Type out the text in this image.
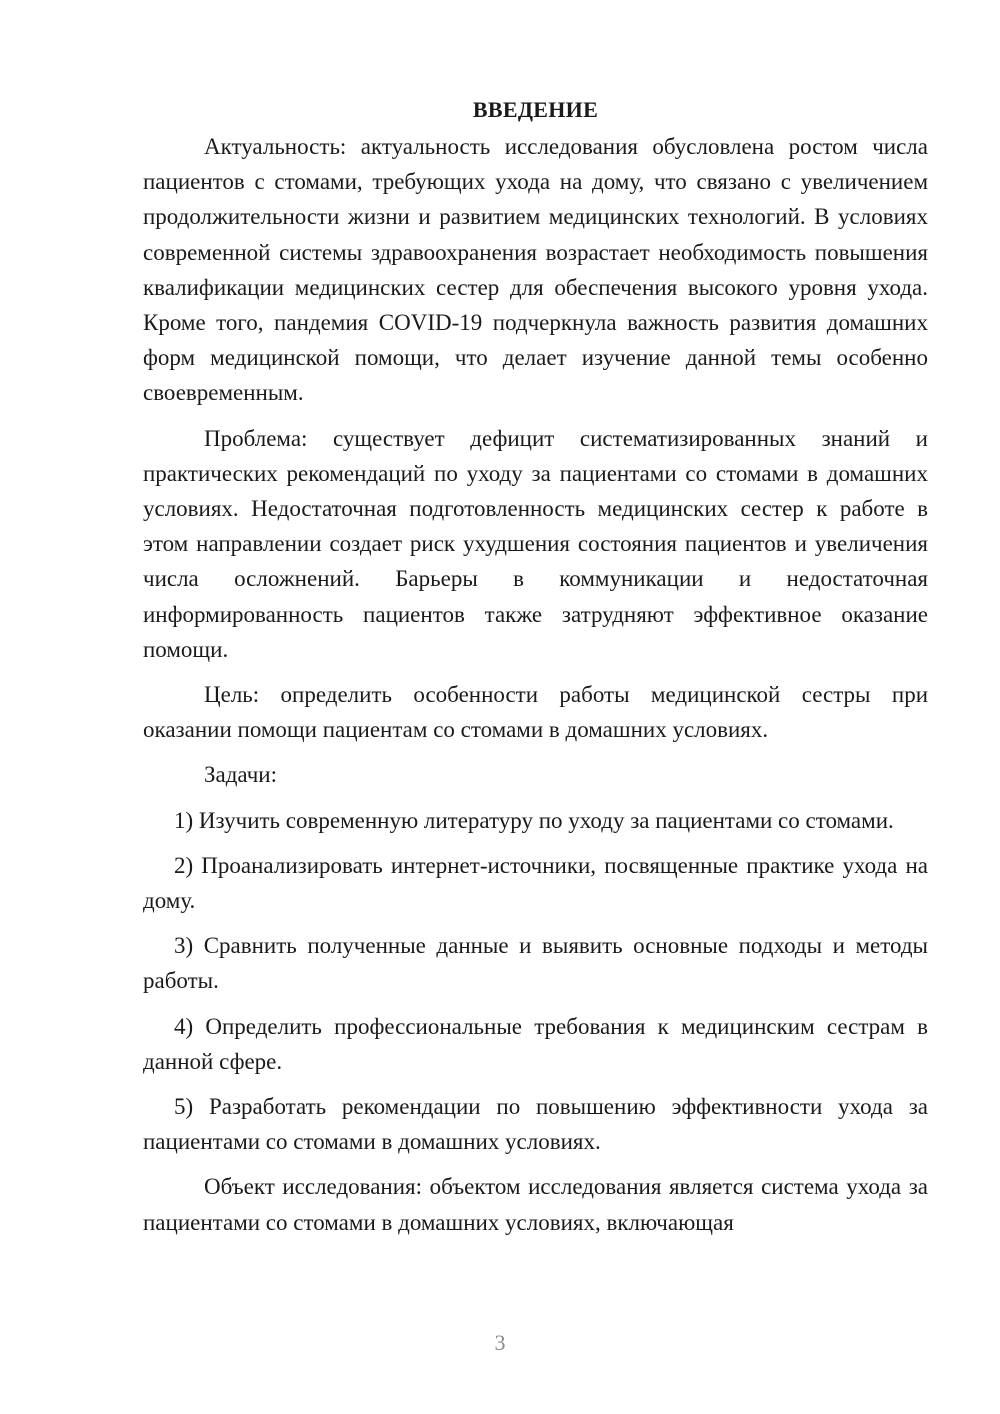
ВВЕДЕНИЕ

Актуальность: актуальность исследования обусловлена ростом числа пациентов с стомами, требующих ухода на дому, что связано с увеличением продолжительности жизни и развитием медицинских технологий. В условиях современной системы здравоохранения возрастает необходимость повышения квалификации медицинских сестер для обеспечения высокого уровня ухода. Кроме того, пандемия COVID-19 подчеркнула важность развития домашних форм медицинской помощи, что делает изучение данной темы особенно своевременным.

Проблема: существует дефицит систематизированных знаний и практических рекомендаций по уходу за пациентами со стомами в домашних условиях. Недостаточная подготовленность медицинских сестер к работе в этом направлении создает риск ухудшения состояния пациентов и увеличения числа осложнений. Барьеры в коммуникации и недостаточная информированность пациентов также затрудняют эффективное оказание помощи.

Цель: определить особенности работы медицинской сестры при оказании помощи пациентам со стомами в домашних условиях.

Задачи:

1) Изучить современную литературу по уходу за пациентами со стомами.

2) Проанализировать интернет-источники, посвященные практике ухода на дому.

3) Сравнить полученные данные и выявить основные подходы и методы работы.

4) Определить профессиональные требования к медицинским сестрам в данной сфере.

5) Разработать рекомендации по повышению эффективности ухода за пациентами со стомами в домашних условиях.

Объект исследования: объектом исследования является система ухода за пациентами со стомами в домашних условиях, включающая

3
